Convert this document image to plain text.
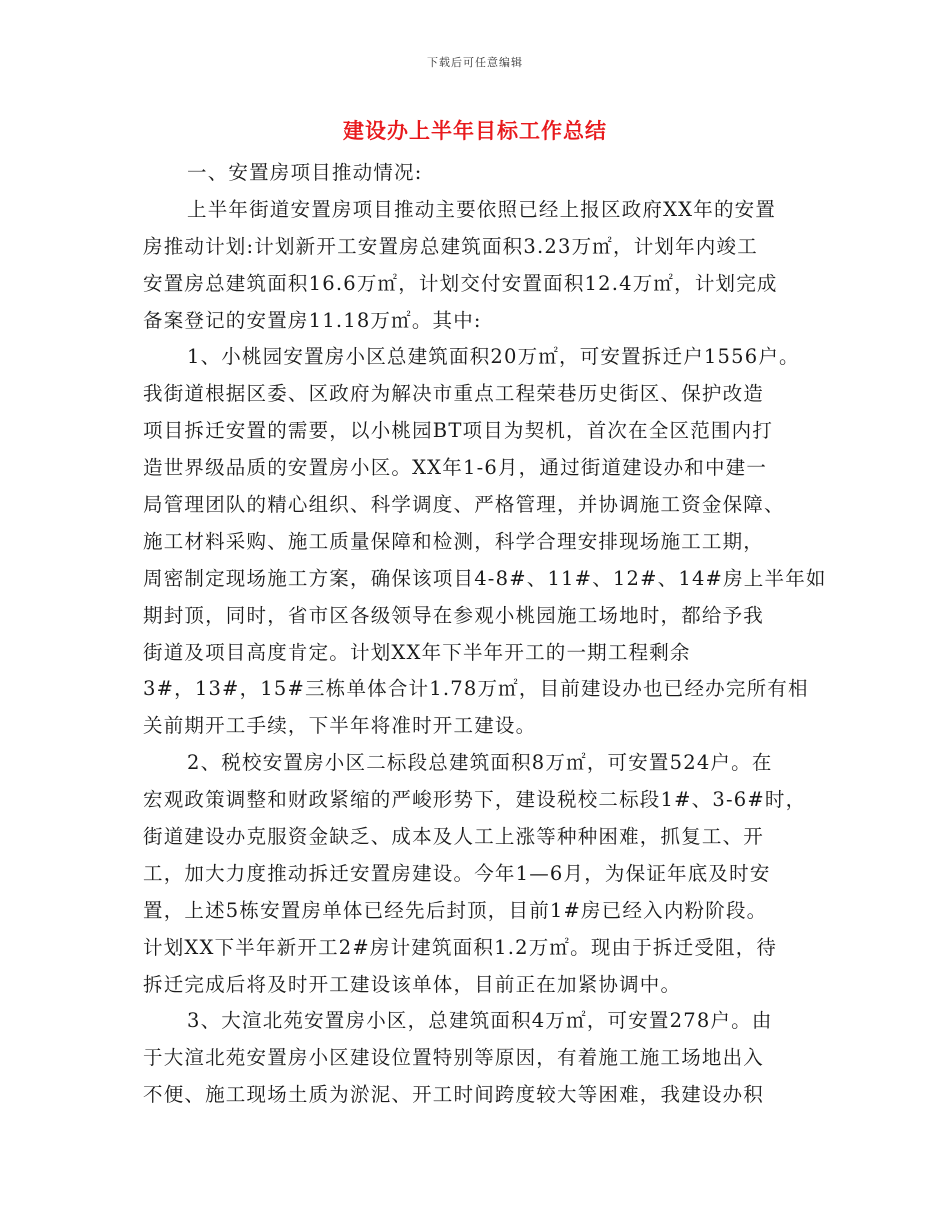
下载后可任意编辑
建设办上半年目标工作总结
一、安置房项目推动情况:
上半年街道安置房项目推动主要依照已经上报区政府XX年的安置
房推动计划:计划新开工安置房总建筑面积3.23万㎡，计划年内竣工
安置房总建筑面积16.6万㎡，计划交付安置面积12.4万㎡，计划完成
备案登记的安置房11.18万㎡。其中:
1、小桃园安置房小区总建筑面积20万㎡，可安置拆迁户1556户。
我街道根据区委、区政府为解决市重点工程荣巷历史街区、保护改造
项目拆迁安置的需要，以小桃园BT项目为契机，首次在全区范围内打
造世界级品质的安置房小区。XX年1-6月，通过街道建设办和中建一
局管理团队的精心组织、科学调度、严格管理，并协调施工资金保障、
施工材料采购、施工质量保障和检测，科学合理安排现场施工工期，
周密制定现场施工方案，确保该项目4-8#、11#、12#、14#房上半年如
期封顶，同时，省市区各级领导在参观小桃园施工场地时，都给予我
街道及项目高度肯定。计划XX年下半年开工的一期工程剩余
3#，13#，15#三栋单体合计1.78万㎡，目前建设办也已经办完所有相
关前期开工手续，下半年将准时开工建设。
2、税校安置房小区二标段总建筑面积8万㎡，可安置524户。在
宏观政策调整和财政紧缩的严峻形势下，建设税校二标段1#、3-6#时，
街道建设办克服资金缺乏、成本及人工上涨等种种困难，抓复工、开
工，加大力度推动拆迁安置房建设。今年1—6月，为保证年底及时安
置，上述5栋安置房单体已经先后封顶，目前1#房已经入内粉阶段。
计划XX下半年新开工2#房计建筑面积1.2万㎡。现由于拆迁受阻，待
拆迁完成后将及时开工建设该单体，目前正在加紧协调中。
3、大渲北苑安置房小区，总建筑面积4万㎡，可安置278户。由
于大渲北苑安置房小区建设位置特别等原因，有着施工施工场地出入
不便、施工现场土质为淤泥、开工时间跨度较大等困难，我建设办积
